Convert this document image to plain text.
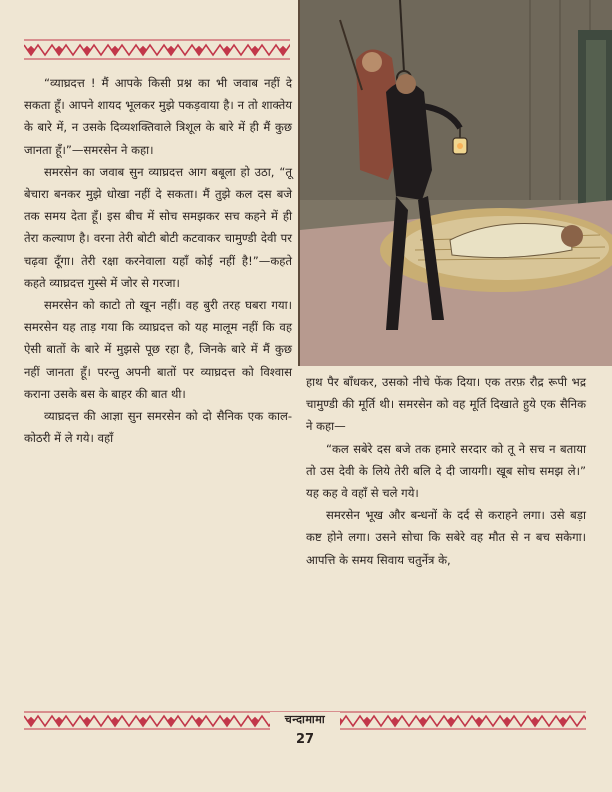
“व्याघ्रदत्त ! मैं आपके किसी प्रश्न का भी जवाब नहीं दे सकता हूँ। आपने शायद भूलकर मुझे पकड़वाया है। न तो शाक्तेय के बारे में, न उसके दिव्यशक्तिवाले त्रिशूल के बारे में ही मैं कुछ जानता हूँ।”—समरसेन ने कहा।

समरसेन का जवाब सुन व्याघ्रदत्त आग बबूला हो उठा, “तू बेचारा बनकर मुझे धोखा नहीं दे सकता। मैं तुझे कल दस बजे तक समय देता हूँ। इस बीच में सोच समझकर सच कहने में ही तेरा कल्याण है। वरना तेरी बोटी बोटी कटवाकर चामुण्डी देवी पर चढ़वा दूँगा। तेरी रक्षा करनेवाला यहाँ कोई नहीं है!”—कहते कहते व्याघ्रदत्त गुस्से में जोर से गरजा।

समरसेन को काटो तो खून नहीं। वह बुरी तरह घबरा गया। समरसेन यह ताड़ गया कि व्याघ्रदत्त को यह मालूम नहीं कि वह ऐसी बातों के बारे में मुझसे पूछ रहा है, जिनके बारे में मैं कुछ नहीं जानता हूँ। परन्तु अपनी बातों पर व्याघ्रदत्त को विश्वास कराना उसके बस के बाहर की बात थी।

व्याघ्रदत्त की आज्ञा सुन समरसेन को दो सैनिक एक काल-कोठरी में ले गये। वहाँ

हाथ पैर बाँधकर, उसको नीचे फेंक दिया। एक तरफ़ रौद्र रूपी भद्र चामुण्डी की मूर्ति थी। समरसेन को वह मूर्ति दिखाते हुये एक सैनिक ने कहा—

“कल सबेरे दस बजे तक हमारे सरदार को तू ने सच न बताया तो उस देवी के लिये तेरी बलि दे दी जायगी। खूब सोच समझ ले।” यह कह वे वहाँ से चले गये।

समरसेन भूख और बन्धनों के दर्द से कराहने लगा। उसे बड़ा कष्ट होने लगा। उसने सोचा कि सबेरे वह मौत से न बच सकेगा। आपत्ति के समय सिवाय चतुर्नेत्र के,

चन्दामामा
27
